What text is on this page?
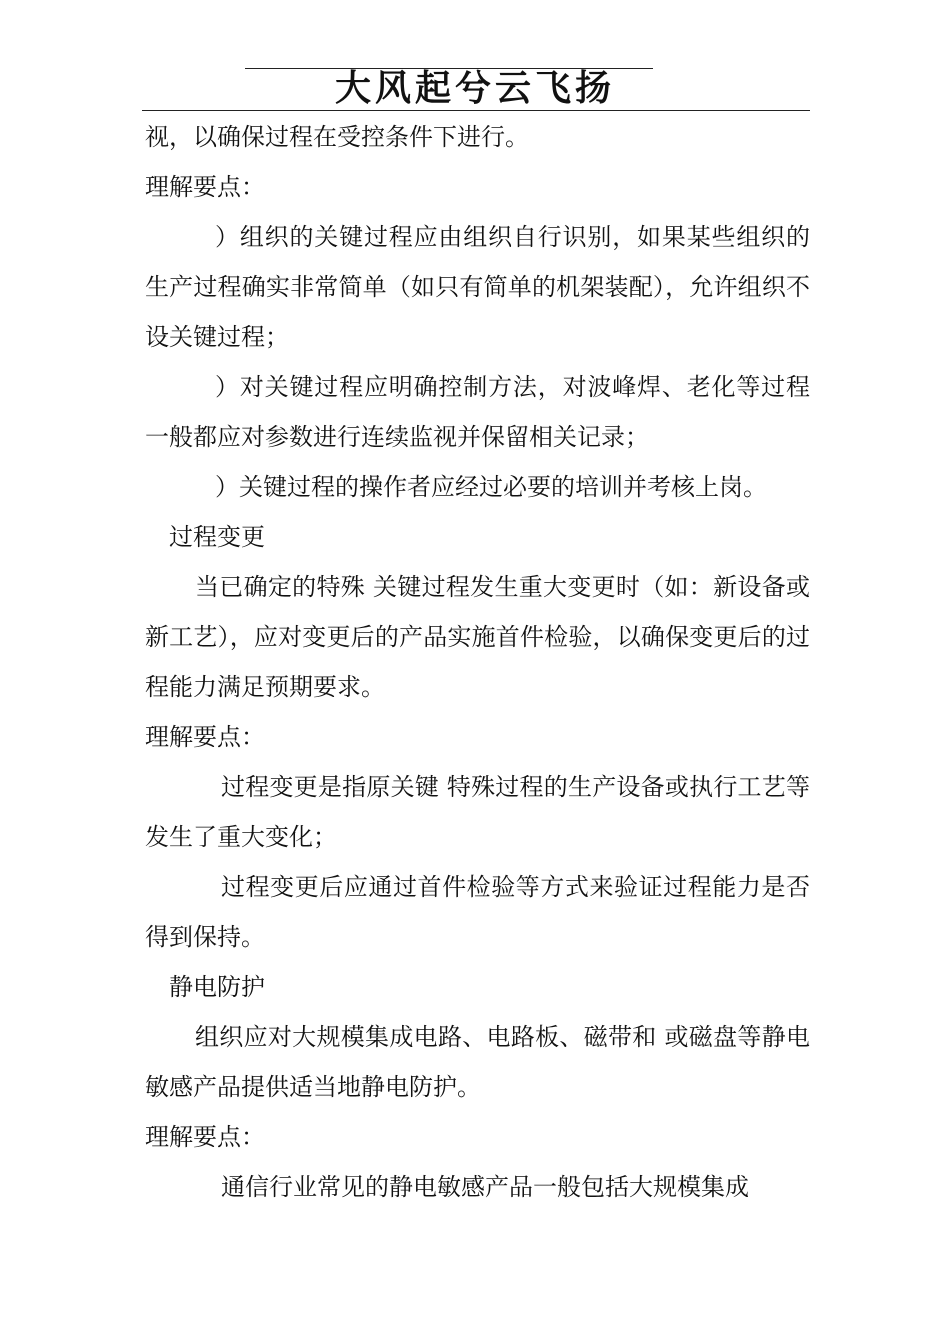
大风起兮云飞扬

视，以确保过程在受控条件下进行。

理解要点：

）组织的关键过程应由组织自行识别，如果某些组织的生产过程确实非常简单（如只有简单的机架装配），允许组织不设关键过程；

）对关键过程应明确控制方法，对波峰焊、老化等过程一般都应对参数进行连续监视并保留相关记录；

）关键过程的操作者应经过必要的培训并考核上岗。

过程变更

当已确定的特殊 关键过程发生重大变更时（如：新设备或新工艺），应对变更后的产品实施首件检验，以确保变更后的过程能力满足预期要求。

理解要点：

过程变更是指原关键 特殊过程的生产设备或执行工艺等发生了重大变化；

过程变更后应通过首件检验等方式来验证过程能力是否得到保持。

静电防护

组织应对大规模集成电路、电路板、磁带和 或磁盘等静电敏感产品提供适当地静电防护。

理解要点：

通信行业常见的静电敏感产品一般包括大规模集成
